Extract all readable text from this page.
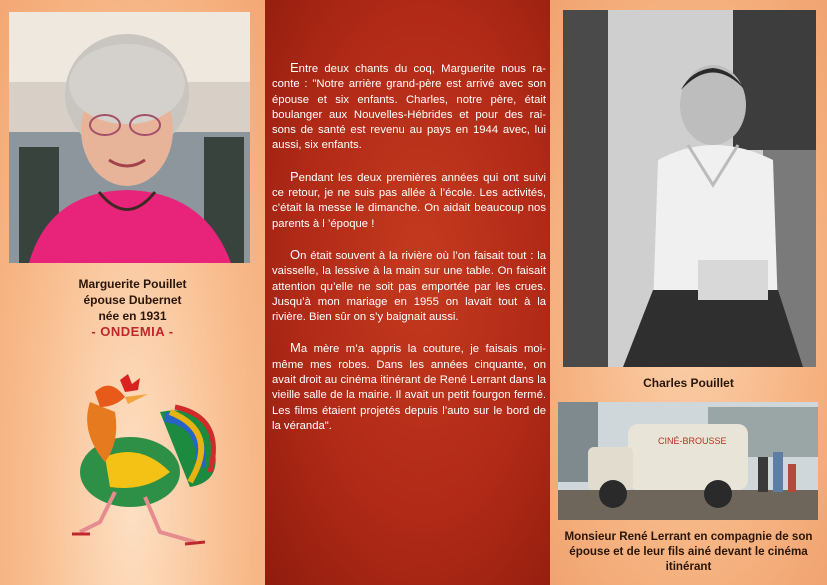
Marguerite Pouillet
épouse Dubernet
née en 1931
- ONDEMIA -

Entre deux chants du coq, Marguerite nous ra-conte : "Notre arrière grand-père est arrivé avec son épouse et six enfants. Charles, notre père, était boulanger aux Nouvelles-Hébrides et pour des rai-sons de santé est revenu au pays en 1944 avec, lui aussi, six enfants.

Pendant les deux premières années qui ont suivi ce retour, je ne suis pas allée à l’école. Les activités, c’était la messe le dimanche. On aidait beaucoup nos parents à l ’époque !

On était souvent à la rivière où l’on faisait tout : la vaisselle, la lessive à la main sur une table. On faisait attention qu’elle ne soit pas emportée par les crues. Jusqu’à mon mariage en 1955 on lavait tout à la rivière. Bien sûr on s’y baignait aussi.

Ma mère m’a appris la couture, je faisais moi-même mes robes. Dans les années cinquante, on avait droit au cinéma itinérant de René Lerrant dans la vieille salle de la mairie. Il avait un petit fourgon fermé. Les films étaient projetés depuis l’auto sur le bord de la véranda".

Charles Pouillet
CINÉ-BROUSSE
Monsieur René Lerrant en compagnie de son épouse et de leur fils ainé devant le cinéma itinérant
